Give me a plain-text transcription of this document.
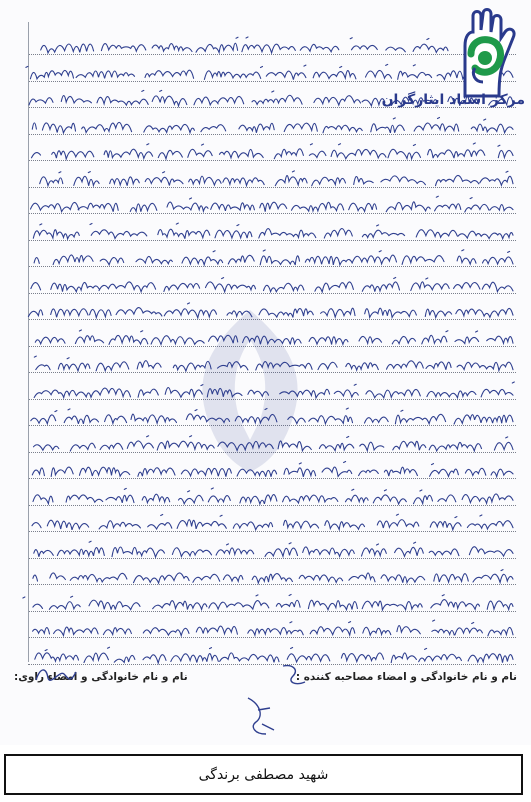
مرکز اسناد ایثارگران
نام و نام خانوادگی و امضاء مصاحبه کننده :
نام و نام خانوادگی و امضاء راوی:
شهید مصطفی برندگی
